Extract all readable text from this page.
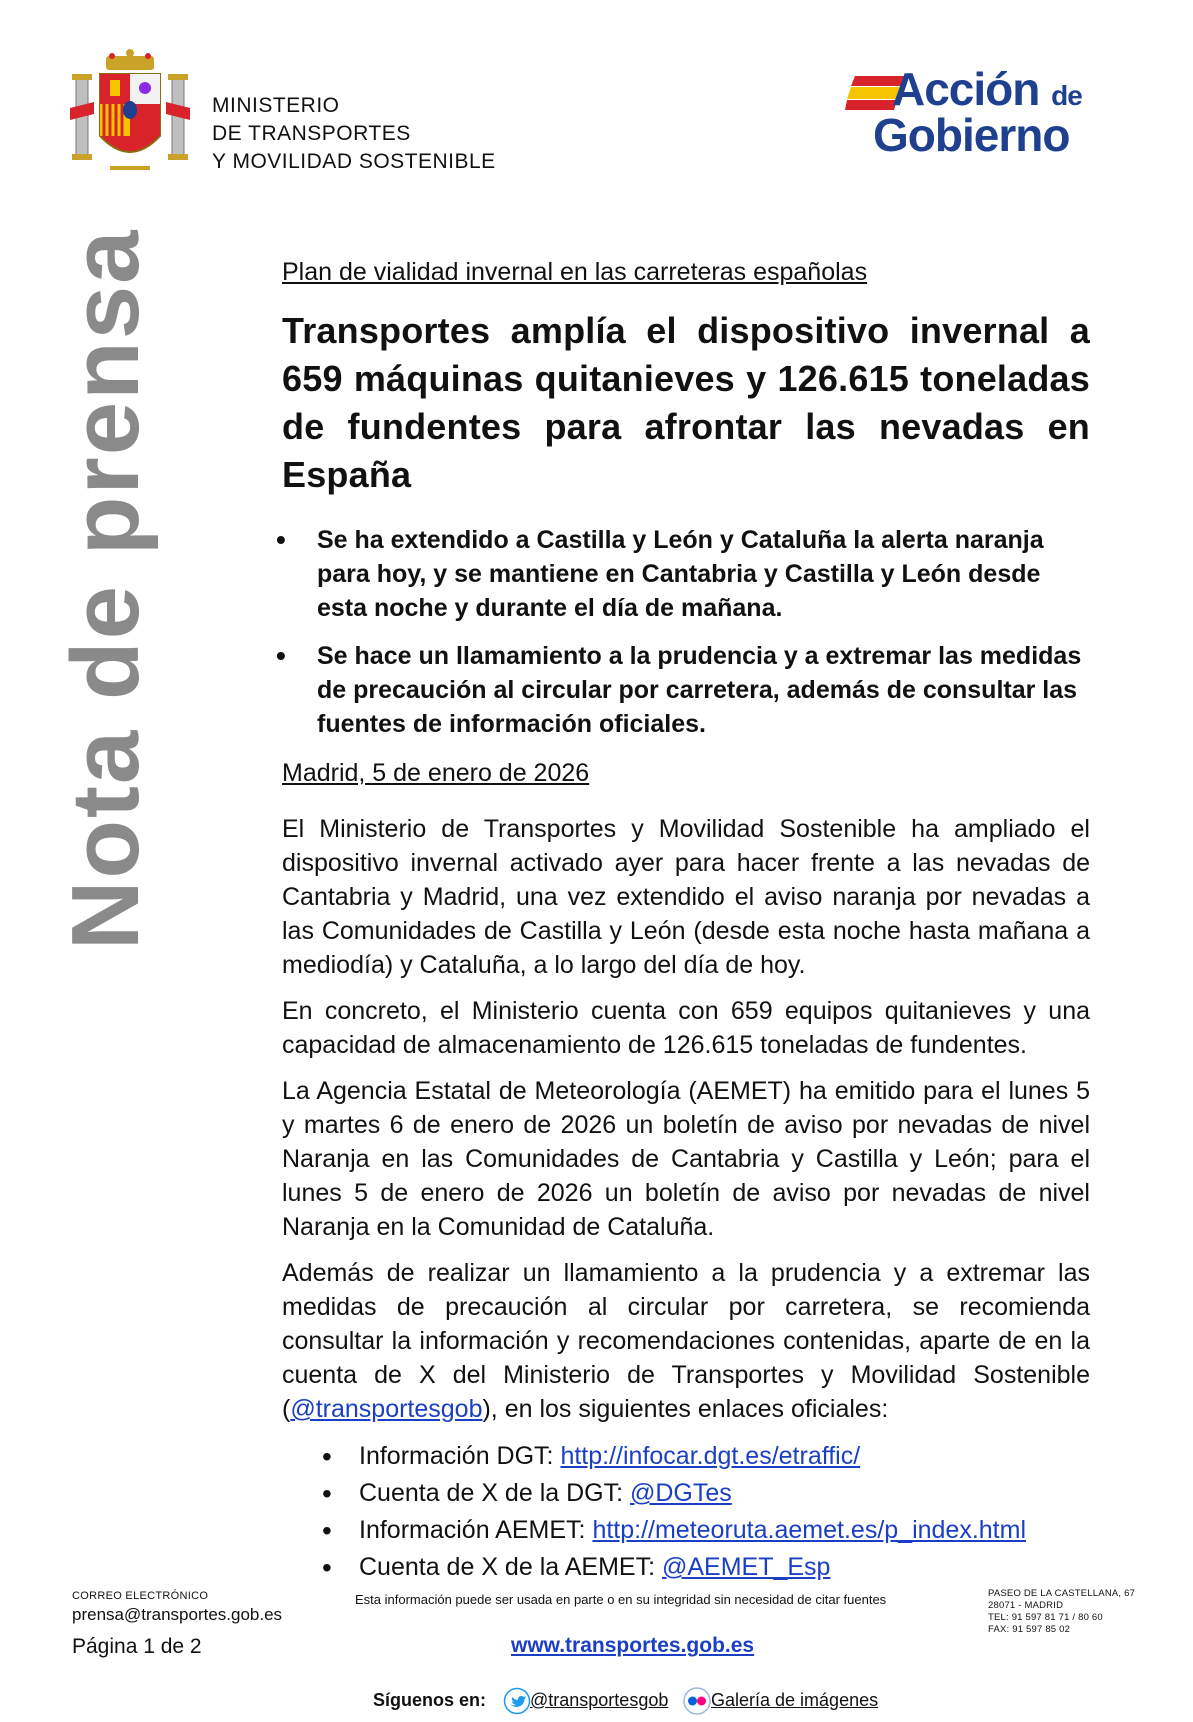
MINISTERIO
DE TRANSPORTES
Y MOVILIDAD SOSTENIBLE
Acción de
Gobierno
Nota de prensa	Plan de vialidad invernal en las carreteras españolas
Transportes amplía el dispositivo invernal a 659 máquinas quitanieves y 126.615 toneladas de fundentes para afrontar las nevadas en España
• Se ha extendido a Castilla y León y Cataluña la alerta naranja para hoy, y se mantiene en Cantabria y Castilla y León desde esta noche y durante el día de mañana.
• Se hace un llamamiento a la prudencia y a extremar las medidas de precaución al circular por carretera, además de consultar las fuentes de información oficiales.
Madrid, 5 de enero de 2026

El Ministerio de Transportes y Movilidad Sostenible ha ampliado el dispositivo invernal activado ayer para hacer frente a las nevadas de Cantabria y Madrid, una vez extendido el aviso naranja por nevadas a las Comunidades de Castilla y León (desde esta noche hasta mañana a mediodía) y Cataluña, a lo largo del día de hoy.

En concreto, el Ministerio cuenta con 659 equipos quitanieves y una capacidad de almacenamiento de 126.615 toneladas de fundentes.

La Agencia Estatal de Meteorología (AEMET) ha emitido para el lunes 5 y martes 6 de enero de 2026 un boletín de aviso por nevadas de nivel Naranja en las Comunidades de Cantabria y Castilla y León; para el lunes 5 de enero de 2026 un boletín de aviso por nevadas de nivel Naranja en la Comunidad de Cataluña.

Además de realizar un llamamiento a la prudencia y a extremar las medidas de precaución al circular por carretera, se recomienda consultar la información y recomendaciones contenidas, aparte de en la cuenta de X del Ministerio de Transportes y Movilidad Sostenible (@transportesgob), en los siguientes enlaces oficiales:

• Información DGT: http://infocar.dgt.es/etraffic/
• Cuenta de X de la DGT: @DGTes
• Información AEMET: http://meteoruta.aemet.es/p_index.html
• Cuenta de X de la AEMET: @AEMET_Esp
CORREO ELECTRÓNICO
prensa@transportes.gob.es
Página 1 de 2
Esta información puede ser usada en parte o en su integridad sin necesidad de citar fuentes
www.transportes.gob.es
PASEO DE LA CASTELLANA, 67
28071 - MADRID
TEL: 91 597 81 71 / 80 60
FAX: 91 597 85 02
Síguenos en: @transportesgob Galería de imágenes
